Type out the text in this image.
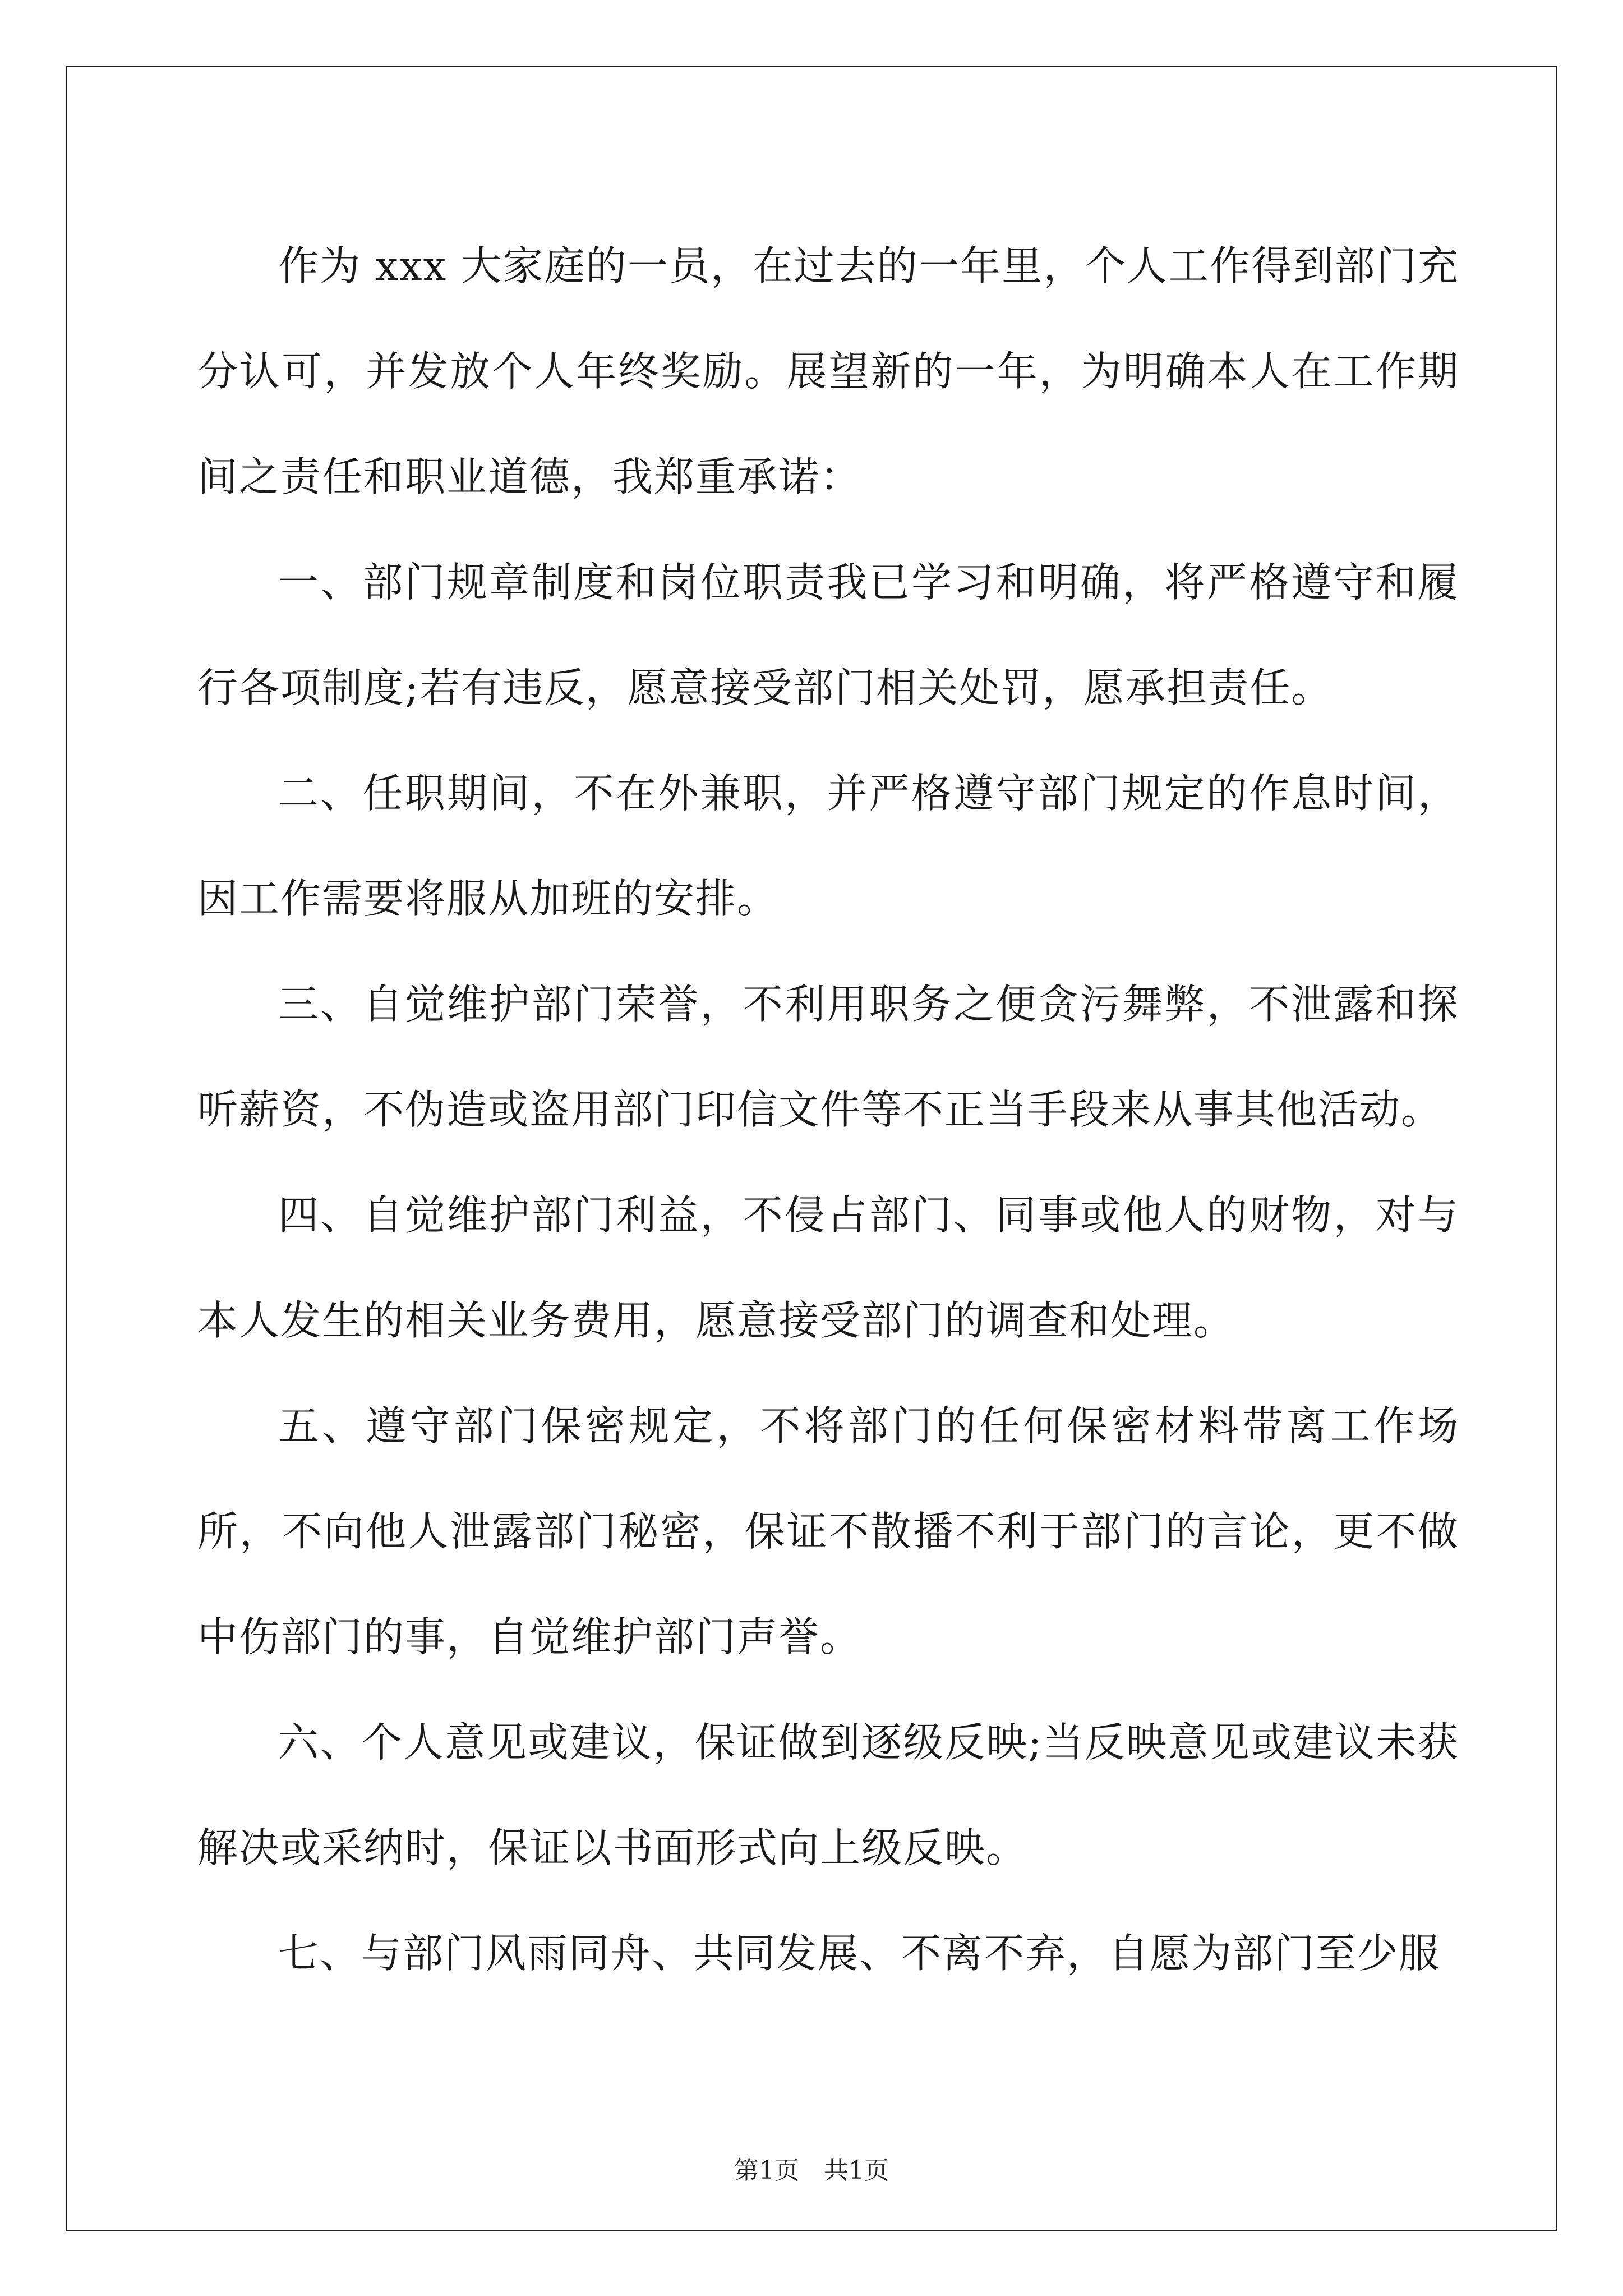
作为 xxx 大家庭的一员，在过去的一年里，个人工作得到部门充分认可，并发放个人年终奖励。展望新的一年，为明确本人在工作期间之责任和职业道德，我郑重承诺：

一、部门规章制度和岗位职责我已学习和明确，将严格遵守和履行各项制度;若有违反，愿意接受部门相关处罚，愿承担责任。

二、任职期间，不在外兼职，并严格遵守部门规定的作息时间，因工作需要将服从加班的安排。

三、自觉维护部门荣誉，不利用职务之便贪污舞弊，不泄露和探听薪资，不伪造或盗用部门印信文件等不正当手段来从事其他活动。

四、自觉维护部门利益，不侵占部门、同事或他人的财物，对与本人发生的相关业务费用，愿意接受部门的调查和处理。

五、遵守部门保密规定，不将部门的任何保密材料带离工作场所，不向他人泄露部门秘密，保证不散播不利于部门的言论，更不做中伤部门的事，自觉维护部门声誉。

六、个人意见或建议，保证做到逐级反映;当反映意见或建议未获解决或采纳时，保证以书面形式向上级反映。

七、与部门风雨同舟、共同发展、不离不弃，自愿为部门至少服

第1页 共1页
